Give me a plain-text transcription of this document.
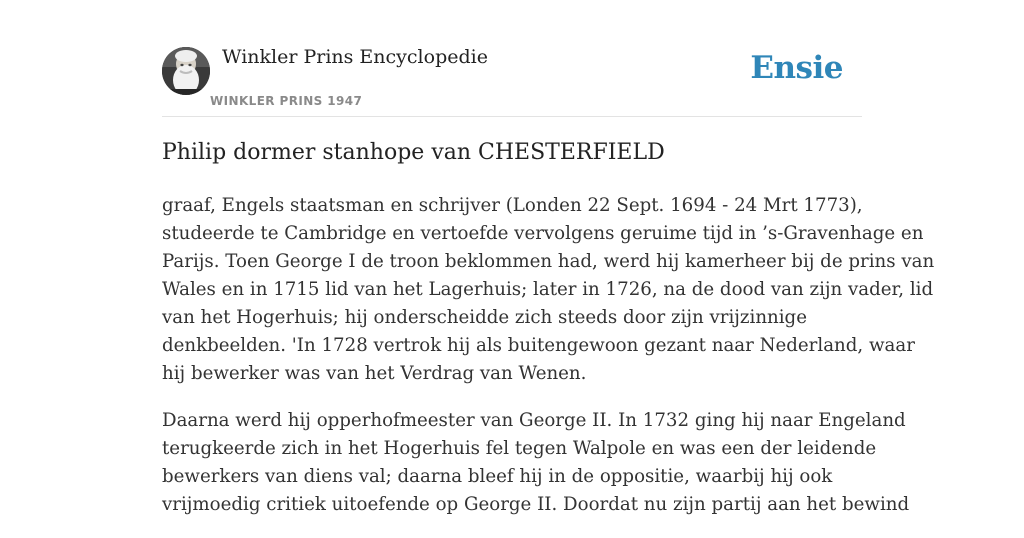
Winkler Prins Encyclopedie
WINKLER PRINS 1947
Ensie
Philip dormer stanhope van CHESTERFIELD

graaf, Engels staatsman en schrijver (Londen 22 Sept. 1694 - 24 Mrt 1773),
studeerde te Cambridge en vertoefde vervolgens geruime tijd in ’s-Gravenhage en
Parijs. Toen George I de troon beklommen had, werd hij kamerheer bij de prins van
Wales en in 1715 lid van het Lagerhuis; later in 1726, na de dood van zijn vader, lid
van het Hogerhuis; hij onderscheidde zich steeds door zijn vrijzinnige
denkbeelden. 'In 1728 vertrok hij als buitengewoon gezant naar Nederland, waar
hij bewerker was van het Verdrag van Wenen.

Daarna werd hij opperhofmeester van George II. In 1732 ging hij naar Engeland
terugkeerde zich in het Hogerhuis fel tegen Walpole en was een der leidende
bewerkers van diens val; daarna bleef hij in de oppositie, waarbij hij ook
vrijmoedig critiek uitoefende op George II. Doordat nu zijn partij aan het bewind
